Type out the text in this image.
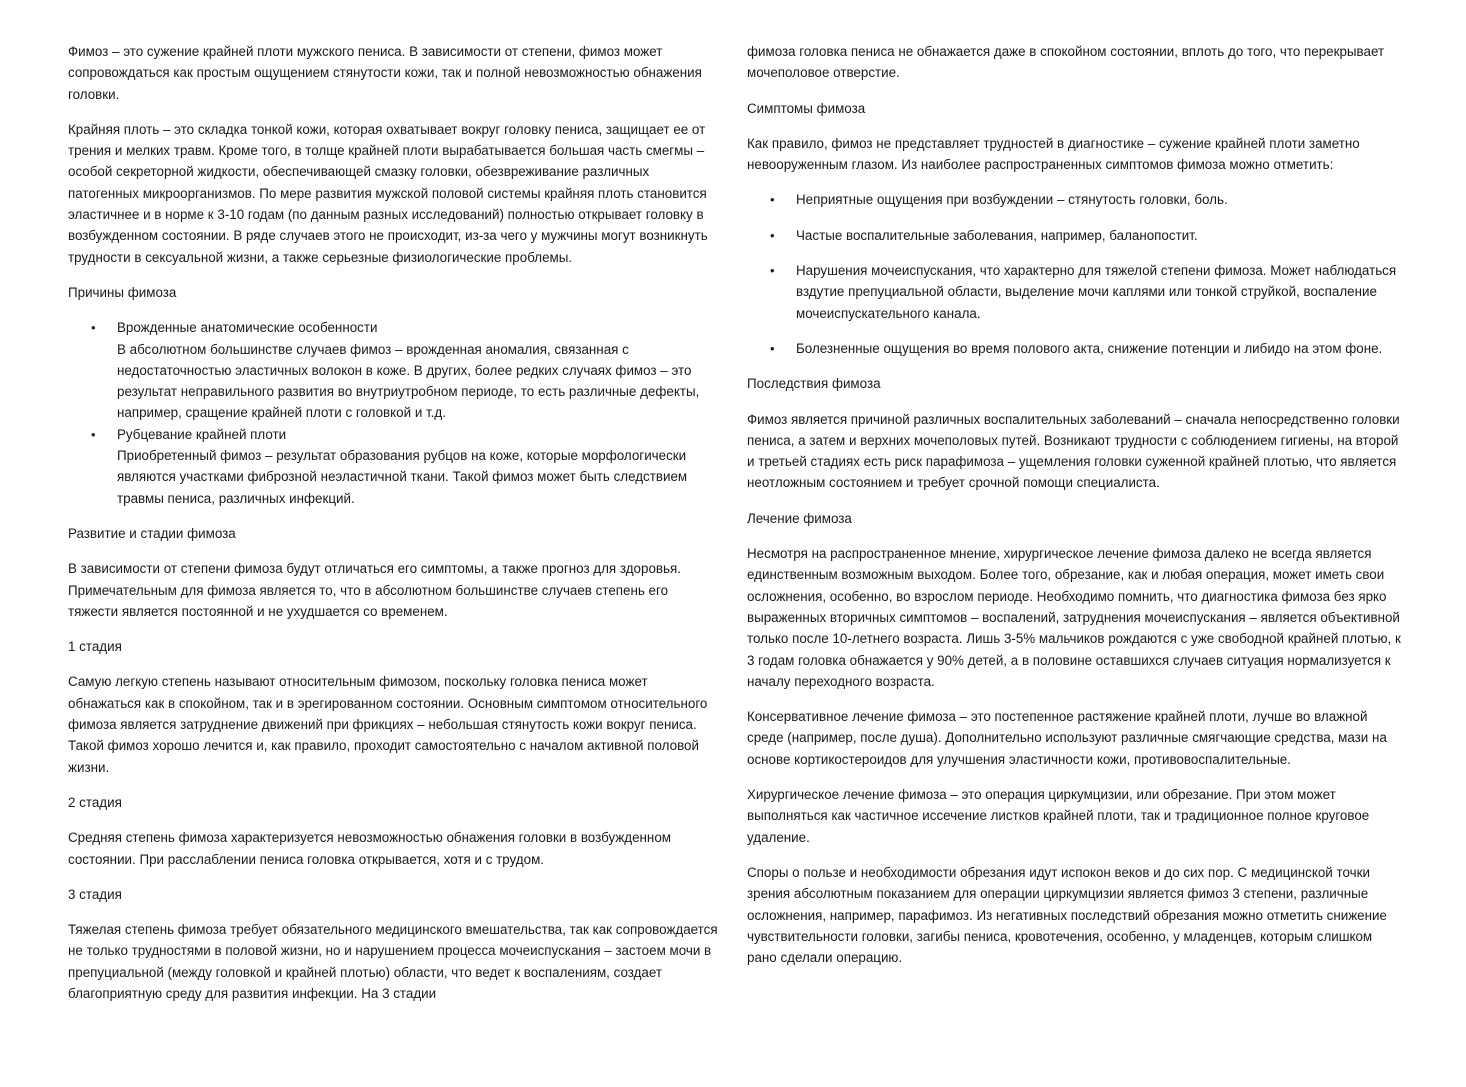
Фимоз – это сужение крайней плоти мужского пениса. В зависимости от степени, фимоз может сопровождаться как простым ощущением стянутости кожи, так и полной невозможностью обнажения головки.

Крайняя плоть – это складка тонкой кожи, которая охватывает вокруг головку пениса, защищает ее от трения и мелких травм. Кроме того, в толще крайней плоти вырабатывается большая часть смегмы – особой секреторной жидкости, обеспечивающей смазку головки, обезвреживание различных патогенных микроорганизмов. По мере развития мужской половой системы крайняя плоть становится эластичнее и в норме к 3-10 годам (по данным разных исследований) полностью открывает головку в возбужденном состоянии. В ряде случаев этого не происходит, из-за чего у мужчины могут возникнуть трудности в сексуальной жизни, а также серьезные физиологические проблемы.

Причины фимоза

• Врожденные анатомические особенности
В абсолютном большинстве случаев фимоз – врожденная аномалия, связанная с недостаточностью эластичных волокон в коже. В других, более редких случаях фимоз – это результат неправильного развития во внутриутробном периоде, то есть различные дефекты, например, сращение крайней плоти с головкой и т.д.
• Рубцевание крайней плоти
Приобретенный фимоз – результат образования рубцов на коже, которые морфологически являются участками фиброзной неэластичной ткани. Такой фимоз может быть следствием травмы пениса, различных инфекций.

Развитие и стадии фимоза

В зависимости от степени фимоза будут отличаться его симптомы, а также прогноз для здоровья. Примечательным для фимоза является то, что в абсолютном большинстве случаев степень его тяжести является постоянной и не ухудшается со временем.

1 стадия

Самую легкую степень называют относительным фимозом, поскольку головка пениса может обнажаться как в спокойном, так и в эрегированном состоянии. Основным симптомом относительного фимоза является затруднение движений при фрикциях – небольшая стянутость кожи вокруг пениса. Такой фимоз хорошо лечится и, как правило, проходит самостоятельно с началом активной половой жизни.

2 стадия

Средняя степень фимоза характеризуется невозможностью обнажения головки в возбужденном состоянии. При расслаблении пениса головка открывается, хотя и с трудом.

3 стадия

Тяжелая степень фимоза требует обязательного медицинского вмешательства, так как сопровождается не только трудностями в половой жизни, но и нарушением процесса мочеиспускания – застоем мочи в препуциальной (между головкой и крайней плотью) области, что ведет к воспалениям, создает благоприятную среду для развития инфекции. На 3 стадии

фимоза головка пениса не обнажается даже в спокойном состоянии, вплоть до того, что перекрывает мочеполовое отверстие.

Симптомы фимоза

Как правило, фимоз не представляет трудностей в диагностике – сужение крайней плоти заметно невооруженным глазом. Из наиболее распространенных симптомов фимоза можно отметить:

• Неприятные ощущения при возбуждении – стянутость головки, боль.
• Частые воспалительные заболевания, например, баланопостит.
• Нарушения мочеиспускания, что характерно для тяжелой степени фимоза. Может наблюдаться вздутие препуциальной области, выделение мочи каплями или тонкой струйкой, воспаление мочеиспускательного канала.
• Болезненные ощущения во время полового акта, снижение потенции и либидо на этом фоне.

Последствия фимоза

Фимоз является причиной различных воспалительных заболеваний – сначала непосредственно головки пениса, а затем и верхних мочеполовых путей. Возникают трудности с соблюдением гигиены, на второй и третьей стадиях есть риск парафимоза – ущемления головки суженной крайней плотью, что является неотложным состоянием и требует срочной помощи специалиста.

Лечение фимоза

Несмотря на распространенное мнение, хирургическое лечение фимоза далеко не всегда является единственным возможным выходом. Более того, обрезание, как и любая операция, может иметь свои осложнения, особенно, во взрослом периоде. Необходимо помнить, что диагностика фимоза без ярко выраженных вторичных симптомов – воспалений, затруднения мочеиспускания – является объективной только после 10-летнего возраста. Лишь 3-5% мальчиков рождаются с уже свободной крайней плотью, к 3 годам головка обнажается у 90% детей, а в половине оставшихся случаев ситуация нормализуется к началу переходного возраста.

Консервативное лечение фимоза – это постепенное растяжение крайней плоти, лучше во влажной среде (например, после душа). Дополнительно используют различные смягчающие средства, мази на основе кортикостероидов для улучшения эластичности кожи, противовоспалительные.

Хирургическое лечение фимоза – это операция циркумцизии, или обрезание. При этом может выполняться как частичное иссечение листков крайней плоти, так и традиционное полное круговое удаление.

Споры о пользе и необходимости обрезания идут испокон веков и до сих пор. С медицинской точки зрения абсолютным показанием для операции циркумцизии является фимоз 3 степени, различные осложнения, например, парафимоз. Из негативных последствий обрезания можно отметить снижение чувствительности головки, загибы пениса, кровотечения, особенно, у младенцев, которым слишком рано сделали операцию.
